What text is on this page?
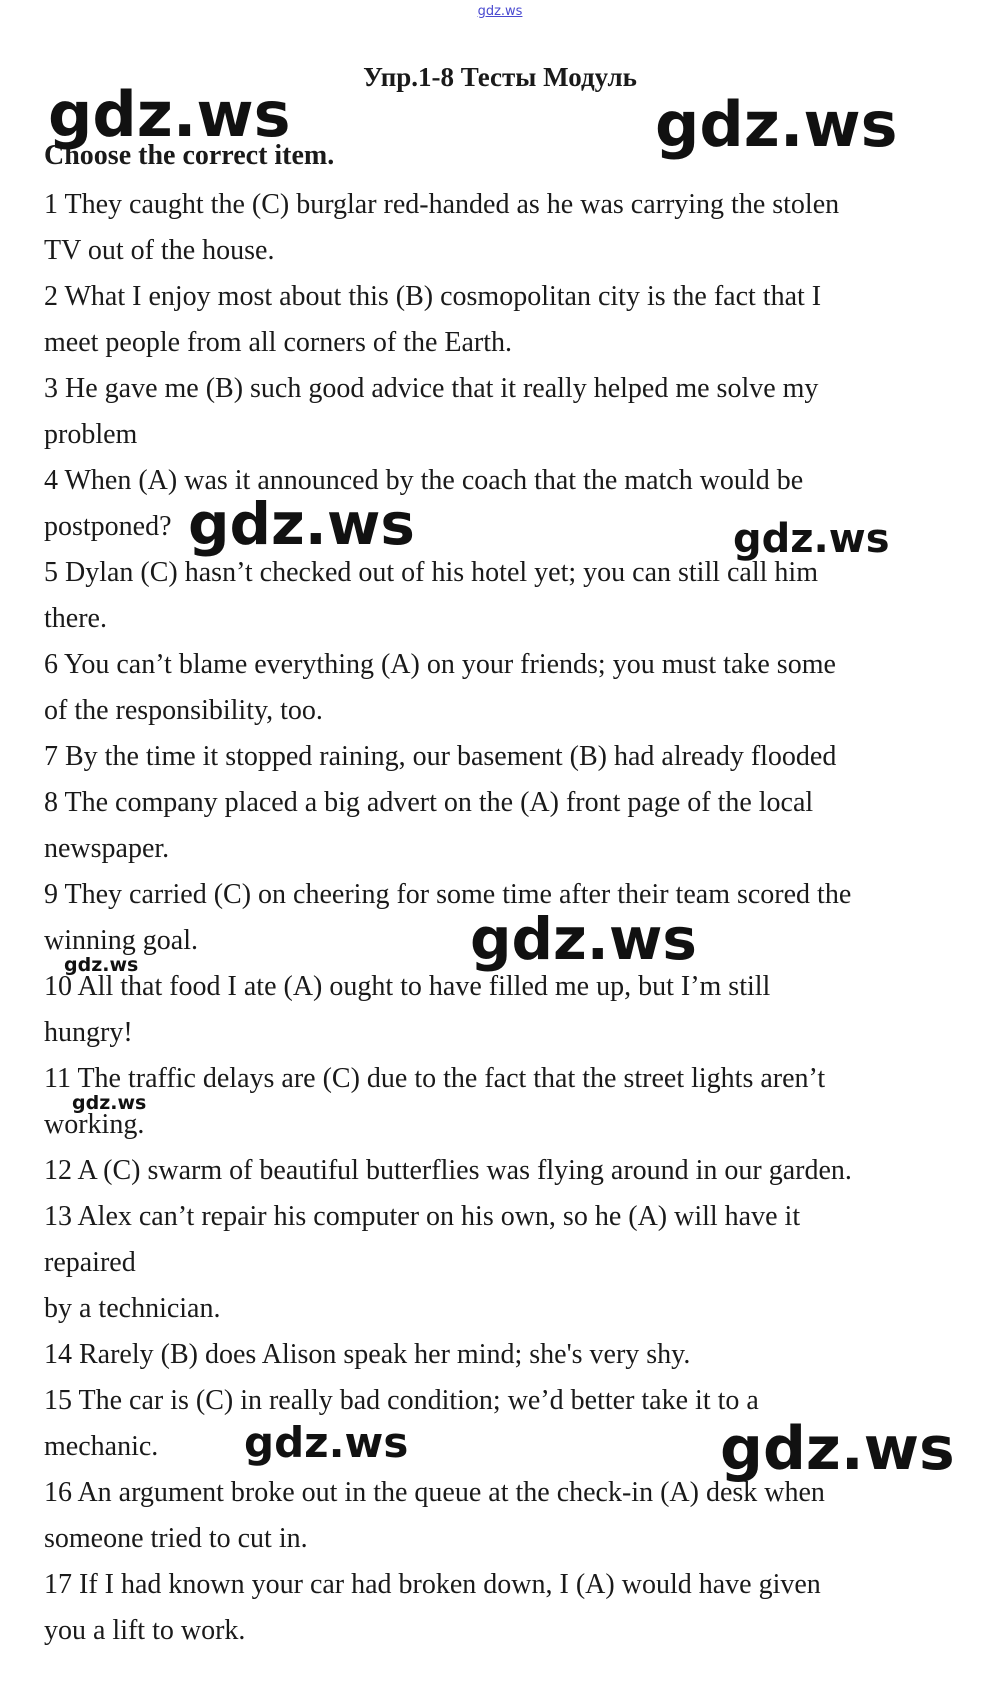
gdz.ws
Упр.1-8 Тесты Модуль
Choose the correct item.
1 They caught the (C) burglar red-handed as he was carrying the stolen
TV out of the house.
2 What I enjoy most about this (B) cosmopolitan city is the fact that I
meet people from all corners of the Earth.
3 He gave me (B) such good advice that it really helped me solve my
problem
4 When (A) was it announced by the coach that the match would be
postponed?
5 Dylan (C) hasn’t checked out of his hotel yet; you can still call him
there.
6 You can’t blame everything (A) on your friends; you must take some
of the responsibility, too.
7 By the time it stopped raining, our basement (B) had already flooded
8 The company placed a big advert on the (A) front page of the local
newspaper.
9 They carried (C) on cheering for some time after their team scored the
winning goal.
10 All that food I ate (A) ought to have filled me up, but I’m still
hungry!
11 The traffic delays are (C) due to the fact that the street lights aren’t
working.
12 A (C) swarm of beautiful butterflies was flying around in our garden.
13 Alex can’t repair his computer on his own, so he (A) will have it
repaired
by a technician.
14 Rarely (B) does Alison speak her mind; she's very shy.
15 The car is (C) in really bad condition; we’d better take it to a
mechanic.
16 An argument broke out in the queue at the check-in (A) desk when
someone tried to cut in.
17 If I had known your car had broken down, I (A) would have given
you a lift to work.
gdz.ws	gdz.ws
gdz.ws	gdz.ws
gdz.ws
gdz.ws
gdz.ws
gdz.ws	gdz.ws
